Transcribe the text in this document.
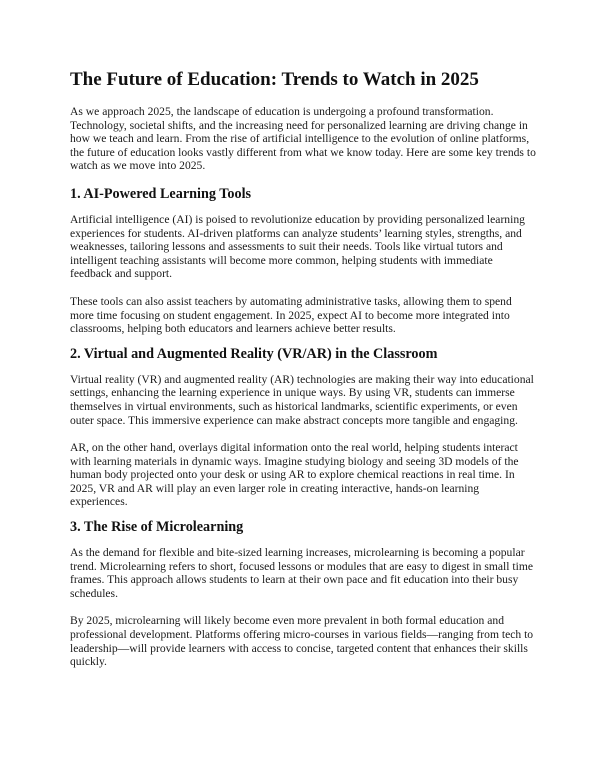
The Future of Education: Trends to Watch in 2025

As we approach 2025, the landscape of education is undergoing a profound transformation. Technology, societal shifts, and the increasing need for personalized learning are driving change in how we teach and learn. From the rise of artificial intelligence to the evolution of online platforms, the future of education looks vastly different from what we know today. Here are some key trends to watch as we move into 2025.

1. AI-Powered Learning Tools

Artificial intelligence (AI) is poised to revolutionize education by providing personalized learning experiences for students. AI-driven platforms can analyze students’ learning styles, strengths, and weaknesses, tailoring lessons and assessments to suit their needs. Tools like virtual tutors and intelligent teaching assistants will become more common, helping students with immediate feedback and support.

These tools can also assist teachers by automating administrative tasks, allowing them to spend more time focusing on student engagement. In 2025, expect AI to become more integrated into classrooms, helping both educators and learners achieve better results.

2. Virtual and Augmented Reality (VR/AR) in the Classroom

Virtual reality (VR) and augmented reality (AR) technologies are making their way into educational settings, enhancing the learning experience in unique ways. By using VR, students can immerse themselves in virtual environments, such as historical landmarks, scientific experiments, or even outer space. This immersive experience can make abstract concepts more tangible and engaging.

AR, on the other hand, overlays digital information onto the real world, helping students interact with learning materials in dynamic ways. Imagine studying biology and seeing 3D models of the human body projected onto your desk or using AR to explore chemical reactions in real time. In 2025, VR and AR will play an even larger role in creating interactive, hands-on learning experiences.

3. The Rise of Microlearning

As the demand for flexible and bite-sized learning increases, microlearning is becoming a popular trend. Microlearning refers to short, focused lessons or modules that are easy to digest in small time frames. This approach allows students to learn at their own pace and fit education into their busy schedules.

By 2025, microlearning will likely become even more prevalent in both formal education and professional development. Platforms offering micro-courses in various fields—ranging from tech to leadership—will provide learners with access to concise, targeted content that enhances their skills quickly.
